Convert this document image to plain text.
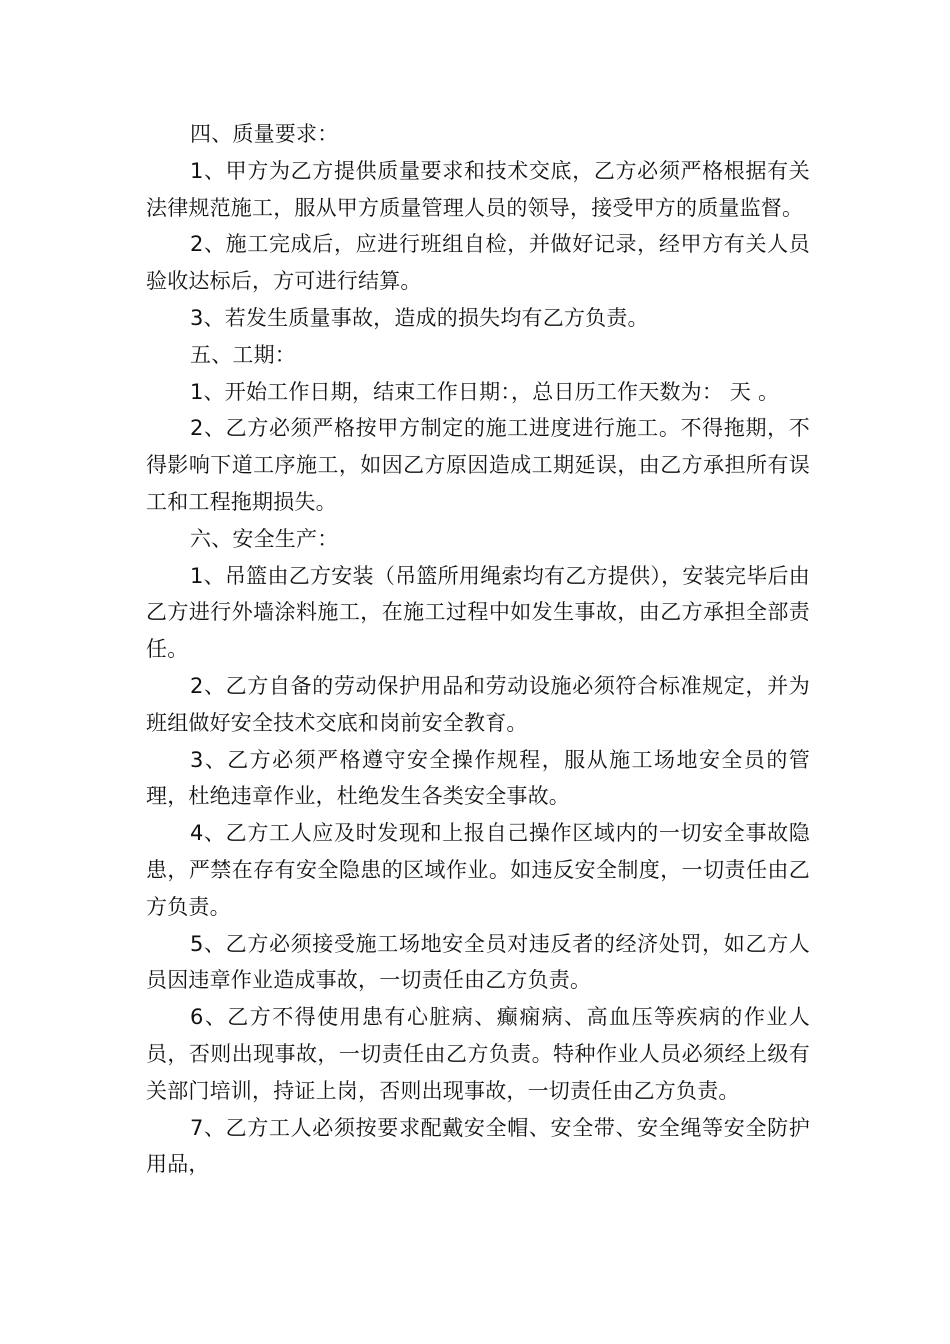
四、质量要求：

1、甲方为乙方提供质量要求和技术交底，乙方必须严格根据有关法律规范施工，服从甲方质量管理人员的领导，接受甲方的质量监督。

2、施工完成后，应进行班组自检，并做好记录，经甲方有关人员验收达标后，方可进行结算。

3、若发生质量事故，造成的损失均有乙方负责。

五、工期：

1、开始工作日期，结束工作日期：，总日历工作天数为： 天 。

2、乙方必须严格按甲方制定的施工进度进行施工。不得拖期，不得影响下道工序施工，如因乙方原因造成工期延误，由乙方承担所有误工和工程拖期损失。

六、安全生产：

1、吊篮由乙方安装（吊篮所用绳索均有乙方提供），安装完毕后由乙方进行外墙涂料施工，在施工过程中如发生事故，由乙方承担全部责任。

2、乙方自备的劳动保护用品和劳动设施必须符合标准规定，并为班组做好安全技术交底和岗前安全教育。

3、乙方必须严格遵守安全操作规程，服从施工场地安全员的管理，杜绝违章作业，杜绝发生各类安全事故。

4、乙方工人应及时发现和上报自己操作区域内的一切安全事故隐患，严禁在存有安全隐患的区域作业。如违反安全制度，一切责任由乙方负责。

5、乙方必须接受施工场地安全员对违反者的经济处罚，如乙方人员因违章作业造成事故，一切责任由乙方负责。

6、乙方不得使用患有心脏病、癫痫病、高血压等疾病的作业人员，否则出现事故，一切责任由乙方负责。特种作业人员必须经上级有关部门培训，持证上岗，否则出现事故，一切责任由乙方负责。

7、乙方工人必须按要求配戴安全帽、安全带、安全绳等安全防护用品，
